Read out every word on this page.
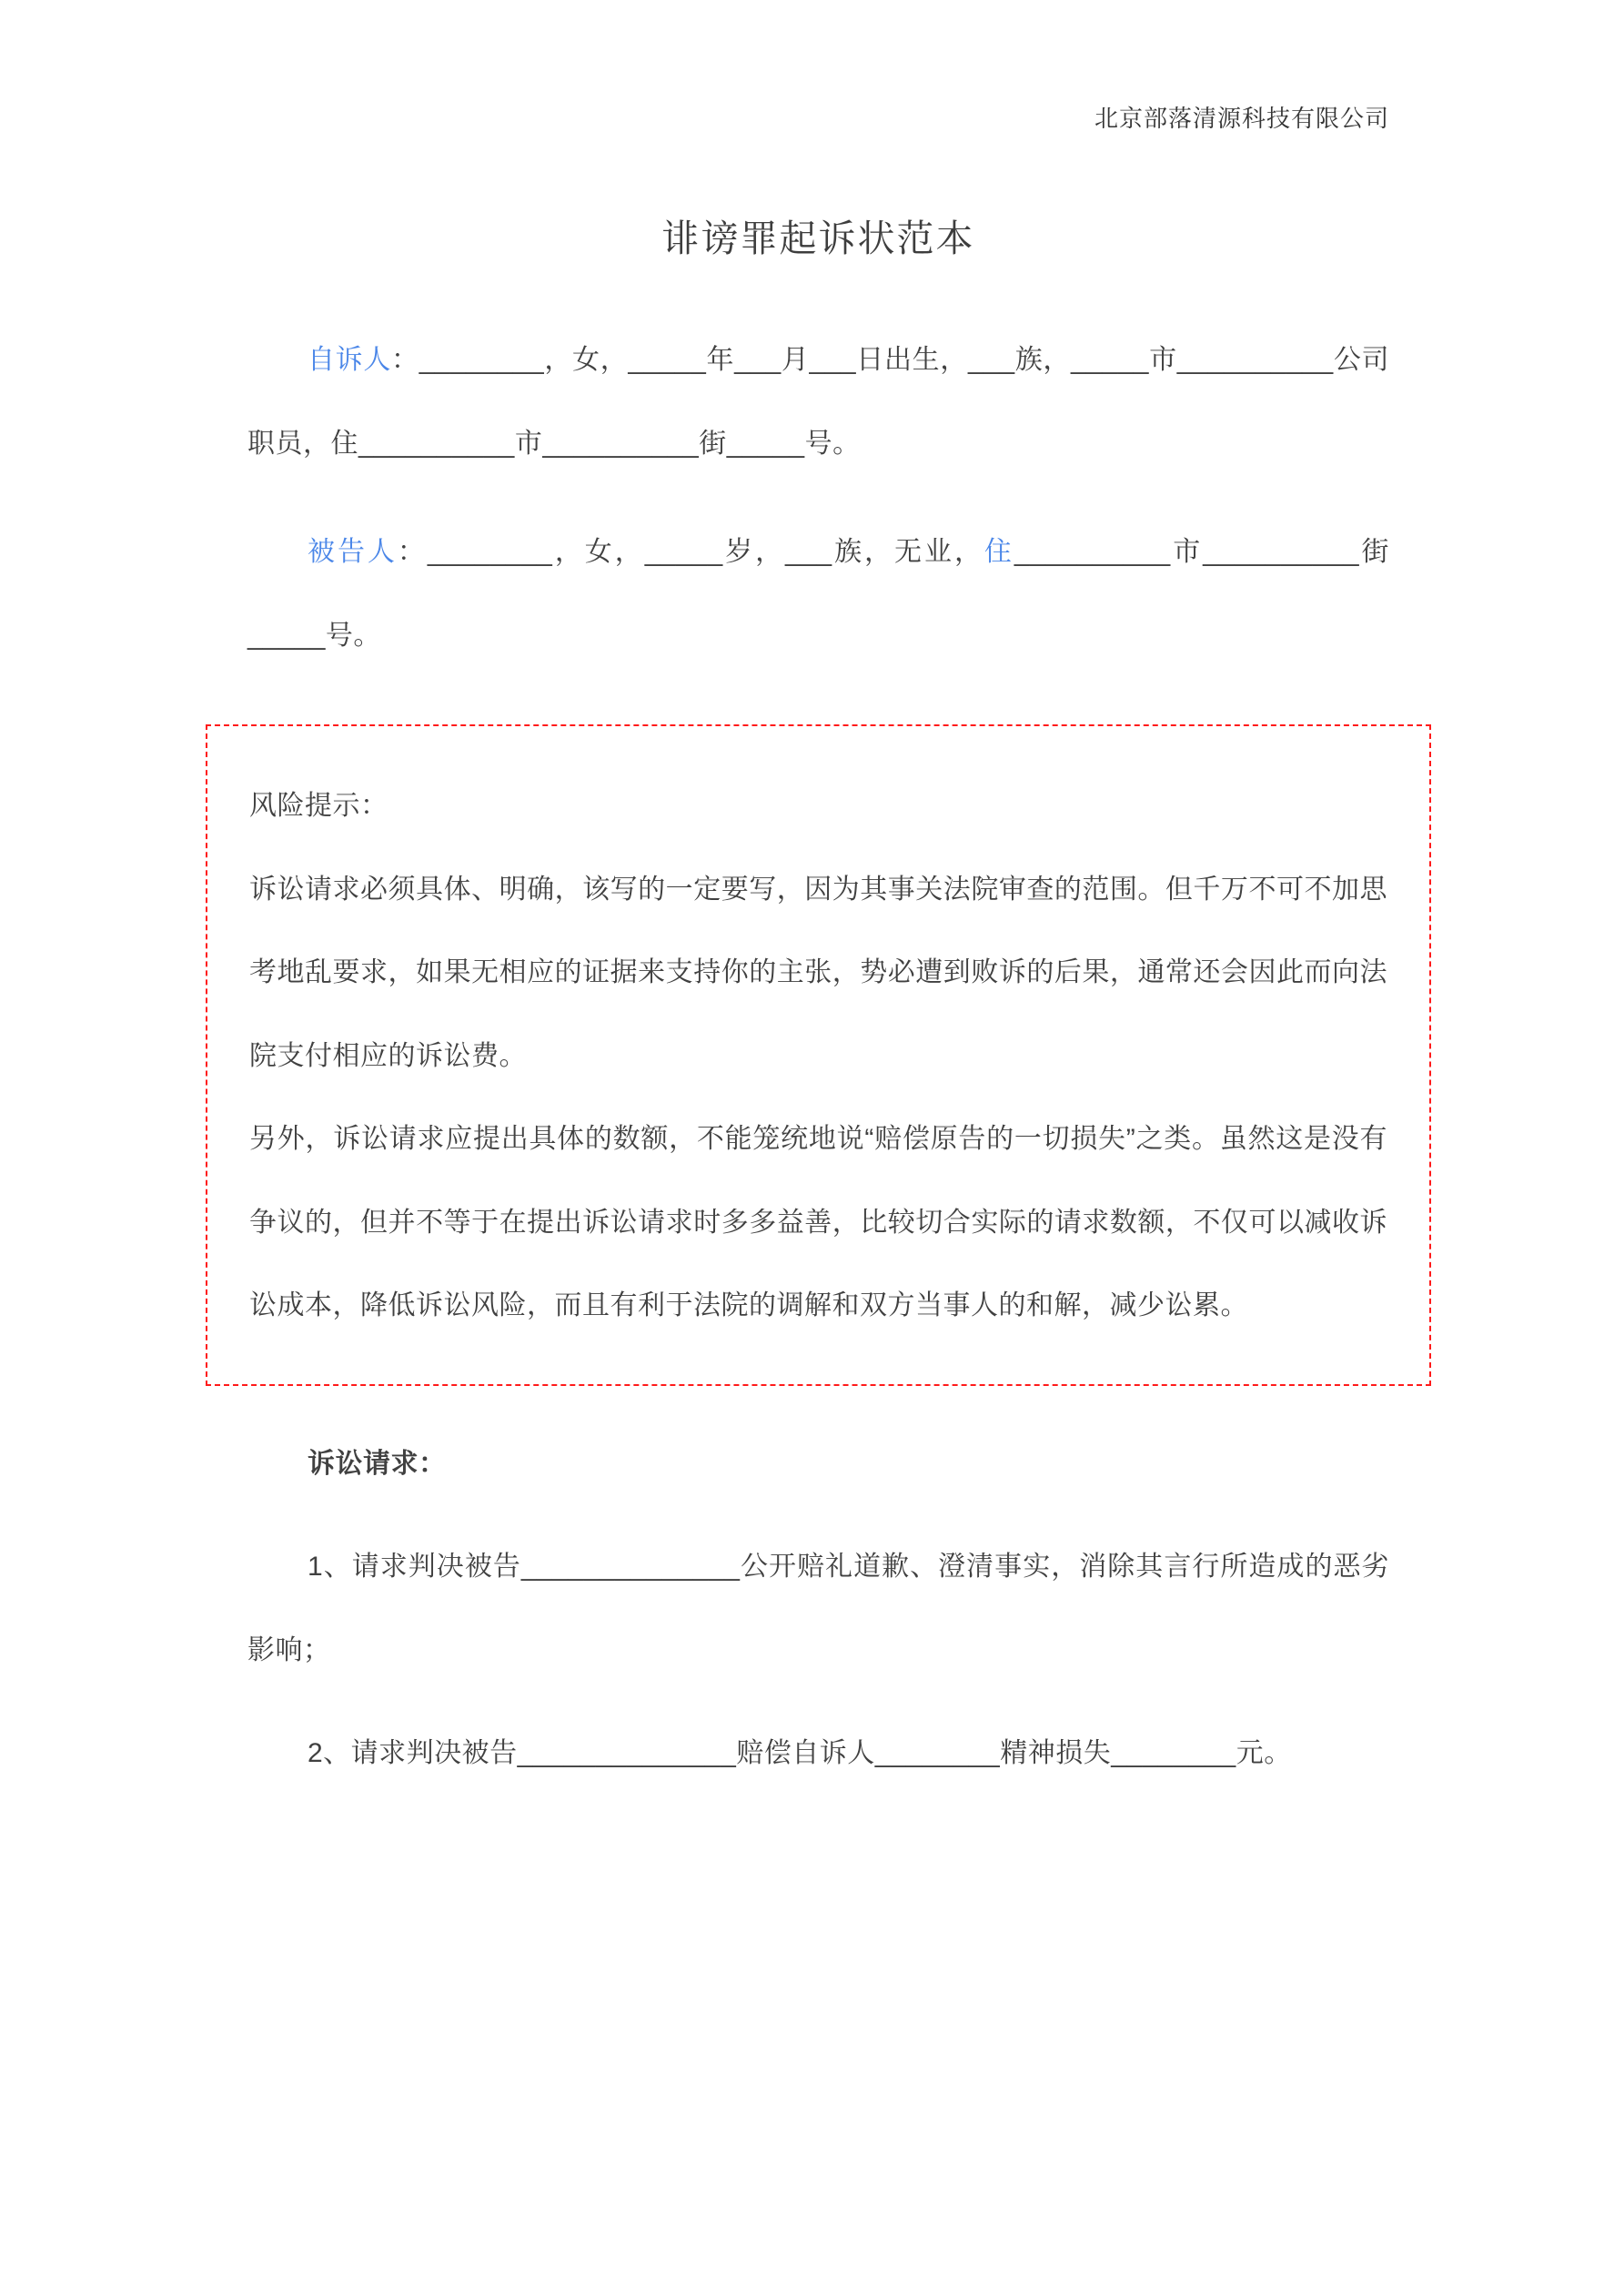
北京部落清源科技有限公司
诽谤罪起诉状范本

自诉人：________，女，_____年___月___日出生，___族，_____市__________公司职员，住__________市__________街_____号。

被告人：________，女，_____岁，___族，无业，住__________市__________街_____号。

风险提示：

诉讼请求必须具体、明确，该写的一定要写，因为其事关法院审查的范围。但千万不可不加思考地乱要求，如果无相应的证据来支持你的主张，势必遭到败诉的后果，通常还会因此而向法院支付相应的诉讼费。

另外，诉讼请求应提出具体的数额，不能笼统地说“赔偿原告的一切损失”之类。虽然这是没有争议的，但并不等于在提出诉讼请求时多多益善，比较切合实际的请求数额，不仅可以减收诉讼成本，降低诉讼风险，而且有利于法院的调解和双方当事人的和解，减少讼累。

诉讼请求：

1、请求判决被告______________公开赔礼道歉、澄清事实，消除其言行所造成的恶劣影响；

2、请求判决被告______________赔偿自诉人________精神损失________元。
